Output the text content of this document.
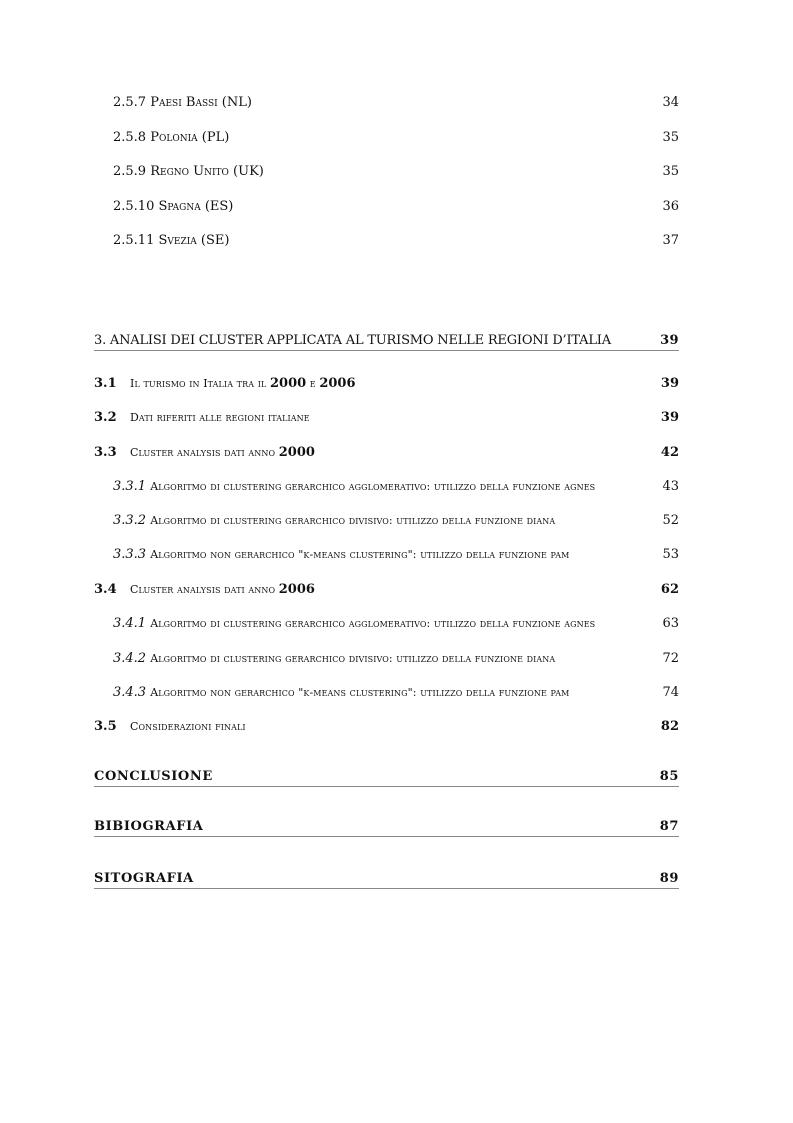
2.5.7 Paesi Bassi (NL)	34
2.5.8 Polonia (PL)	35
2.5.9 Regno Unito (UK)	35
2.5.10 Spagna (ES)	36
2.5.11 Svezia (SE)	37
3. ANALISI DEI CLUSTER APPLICATA AL TURISMO NELLE REGIONI D’ITALIA	39
3.1 Il turismo in Italia tra il 2000 e 2006	39
3.2 Dati riferiti alle regioni italiane	39
3.3 Cluster analysis dati anno 2000	42
3.3.1 Algoritmo di clustering gerarchico agglomerativo: utilizzo della funzione agnes	43
3.3.2 Algoritmo di clustering gerarchico divisivo: utilizzo della funzione diana	52
3.3.3 Algoritmo non gerarchico "k-means clustering": utilizzo della funzione pam	53
3.4 Cluster analysis dati anno 2006	62
3.4.1 Algoritmo di clustering gerarchico agglomerativo: utilizzo della funzione agnes	63
3.4.2 Algoritmo di clustering gerarchico divisivo: utilizzo della funzione diana	72
3.4.3 Algoritmo non gerarchico "k-means clustering": utilizzo della funzione pam	74
3.5 Considerazioni finali	82
CONCLUSIONE	85
BIBIOGRAFIA	87
SITOGRAFIA	89
